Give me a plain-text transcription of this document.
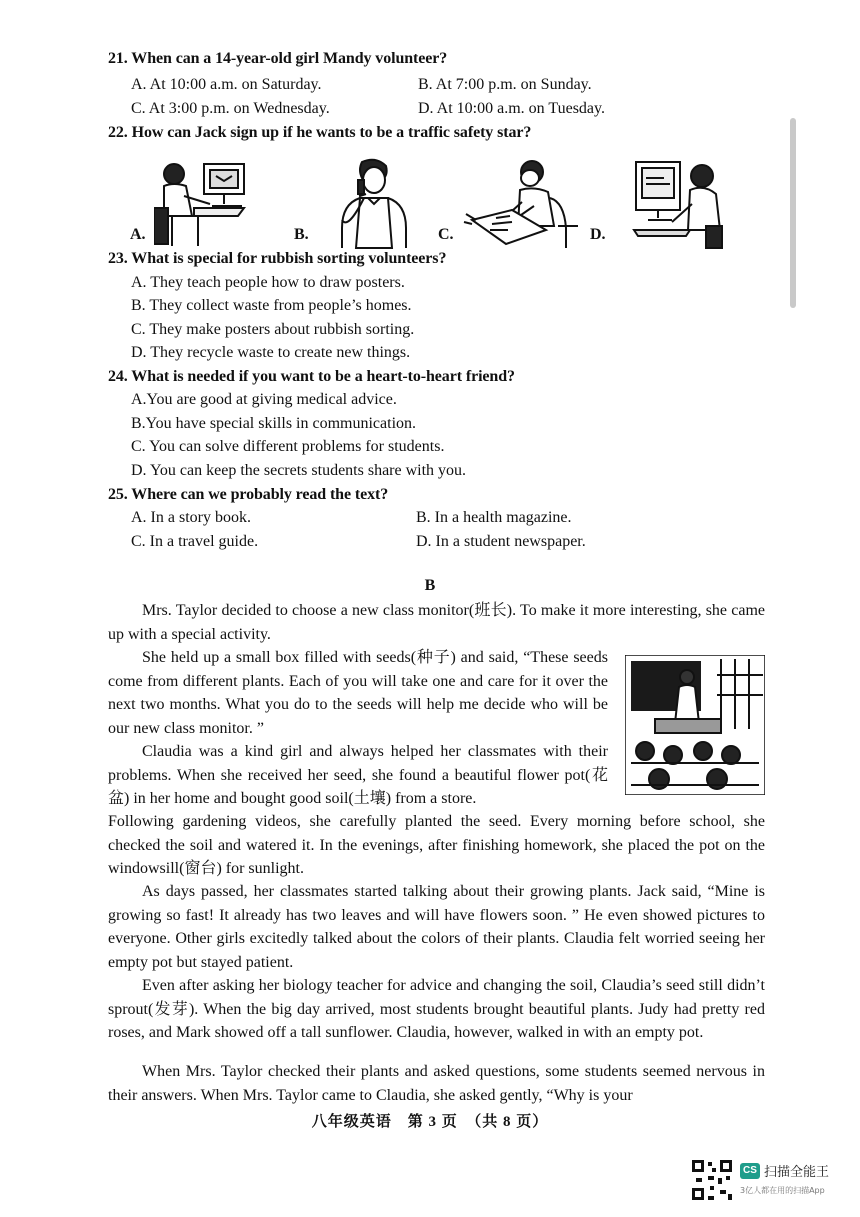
21. When can a 14-year-old girl Mandy volunteer?
A. At 10:00 a.m. on Saturday.	B. At 7:00 p.m. on Sunday.
C. At 3:00 p.m. on Wednesday.	D. At 10:00 a.m. on Tuesday.
22. How can Jack sign up if he wants to be a traffic safety star?
A.	B.	C.	D.
23. What is special for rubbish sorting volunteers?
A. They teach people how to draw posters.
B. They collect waste from people’s homes.
C. They make posters about rubbish sorting.
D. They recycle waste to create new things.
24. What is needed if you want to be a heart-to-heart friend?
A.You are good at giving medical advice.
B.You have special skills in communication.
C. You can solve different problems for students.
D. You can keep the secrets students share with you.
25. Where can we probably read the text?
A. In a story book.	B. In a health magazine.
C. In a travel guide.	D. In a student newspaper.
B

Mrs. Taylor decided to choose a new class monitor(班长). To make it more interesting, she came up with a special activity.

She held up a small box filled with seeds(种子) and said, “These seeds come from different plants. Each of you will take one and care for it over the next two months. What you do to the seeds will help me decide who will be our new class monitor. ”

Claudia was a kind girl and always helped her classmates with their problems. When she received her seed, she found a beautiful flower pot(花盆) in her home and bought good soil(土壤) from a store.

Following gardening videos, she carefully planted the seed. Every morning before school, she checked the soil and watered it. In the evenings, after finishing homework, she placed the pot on the windowsill(窗台) for sunlight.

As days passed, her classmates started talking about their growing plants. Jack said, “Mine is growing so fast! It already has two leaves and will have flowers soon. ” He even showed pictures to everyone. Other girls excitedly talked about the colors of their plants. Claudia felt worried seeing her empty pot but stayed patient.

Even after asking her biology teacher for advice and changing the soil, Claudia’s seed still didn’t sprout(发芽). When the big day arrived, most students brought beautiful plants. Judy had pretty red roses, and Mark showed off a tall sunflower. Claudia, however, walked in with an empty pot.

When Mrs. Taylor checked their plants and asked questions, some students seemed nervous in their answers. When Mrs. Taylor came to Claudia, she asked gently, “Why is your

八年级英语　第 3 页　（共 8 页）
CS 扫描全能王
3亿人都在用的扫描App
